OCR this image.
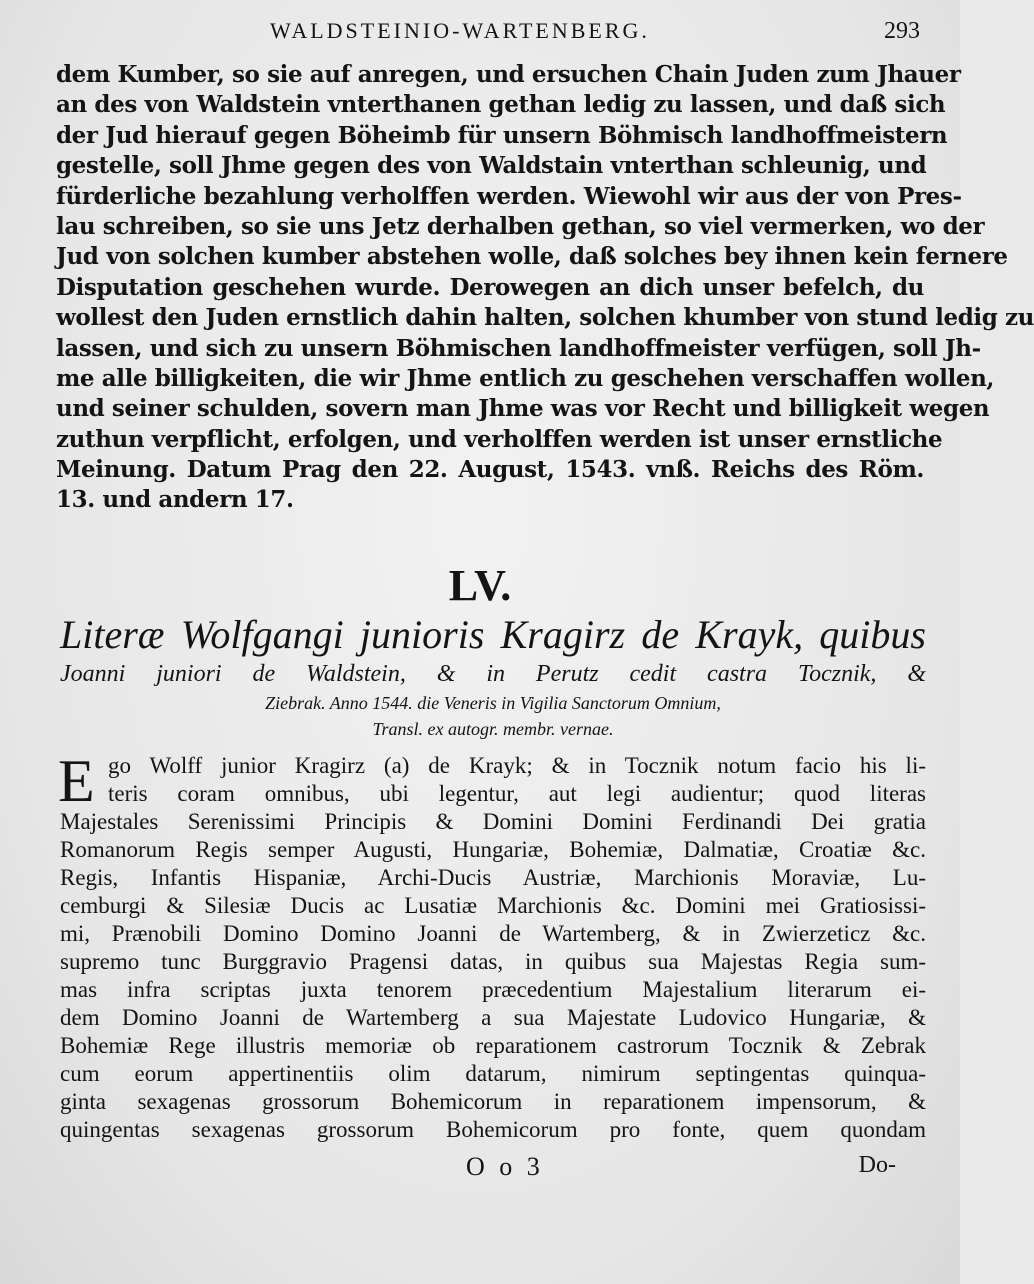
WALDSTEINIO-WARTENBERG.	293
dem Kumber, so sie auf anregen, und ersuchen Chain Juden zum Jhauer
an des von Waldstein vnterthanen gethan ledig zu lassen, und daß sich
der Jud hierauf gegen Böheimb für unsern Böhmisch landhoffmeistern
gestelle, soll Jhme gegen des von Waldstain vnterthan schleunig, und
fürderliche bezahlung verholffen werden. Wiewohl wir aus der von Pres-
lau schreiben, so sie uns Jetz derhalben gethan, so viel vermerken, wo der
Jud von solchen kumber abstehen wolle, daß solches bey ihnen kein fernere
Disputation geschehen wurde. Derowegen an dich unser befelch, du
wollest den Juden ernstlich dahin halten, solchen khumber von stund ledig zu
lassen, und sich zu unsern Böhmischen landhoffmeister verfügen, soll Jh-
me alle billigkeiten, die wir Jhme entlich zu geschehen verschaffen wollen,
und seiner schulden, sovern man Jhme was vor Recht und billigkeit wegen
zuthun verpflicht, erfolgen, und verholffen werden ist unser ernstliche
Meinung. Datum Prag den 22. August, 1543. vnß. Reichs des Röm.
13. und andern 17.
LV.
Literæ Wolfgangi junioris Kragirz de Krayk, quibus
Joanni juniori de Waldstein, & in Perutz cedit castra Tocznik, &
Ziebrak. Anno 1544. die Veneris in Vigilia Sanctorum Omnium,
Transl. ex autogr. membr. vernae.
E go Wolff junior Kragirz (a) de Krayk; & in Tocznik notum facio his li-
teris coram omnibus, ubi legentur, aut legi audientur; quod literas
Majestales Serenissimi Principis & Domini Domini Ferdinandi Dei gratia
Romanorum Regis semper Augusti, Hungariæ, Bohemiæ, Dalmatiæ, Croatiæ &c.
Regis, Infantis Hispaniæ, Archi-Ducis Austriæ, Marchionis Moraviæ, Lu-
cemburgi & Silesiæ Ducis ac Lusatiæ Marchionis &c. Domini mei Gratiosissi-
mi, Prænobili Domino Domino Joanni de Wartemberg, & in Zwierzeticz &c.
supremo tunc Burggravio Pragensi datas, in quibus sua Majestas Regia sum-
mas infra scriptas juxta tenorem præcedentium Majestalium literarum ei-
dem Domino Joanni de Wartemberg a sua Majestate Ludovico Hungariæ, &
Bohemiæ Rege illustris memoriæ ob reparationem castrorum Tocznik & Zebrak
cum eorum appertinentiis olim datarum, nimirum septingentas quinqua-
ginta sexagenas grossorum Bohemicorum in reparationem impensorum, &
quingentas sexagenas grossorum Bohemicorum pro fonte, quem quondam
O o 3	Do-
